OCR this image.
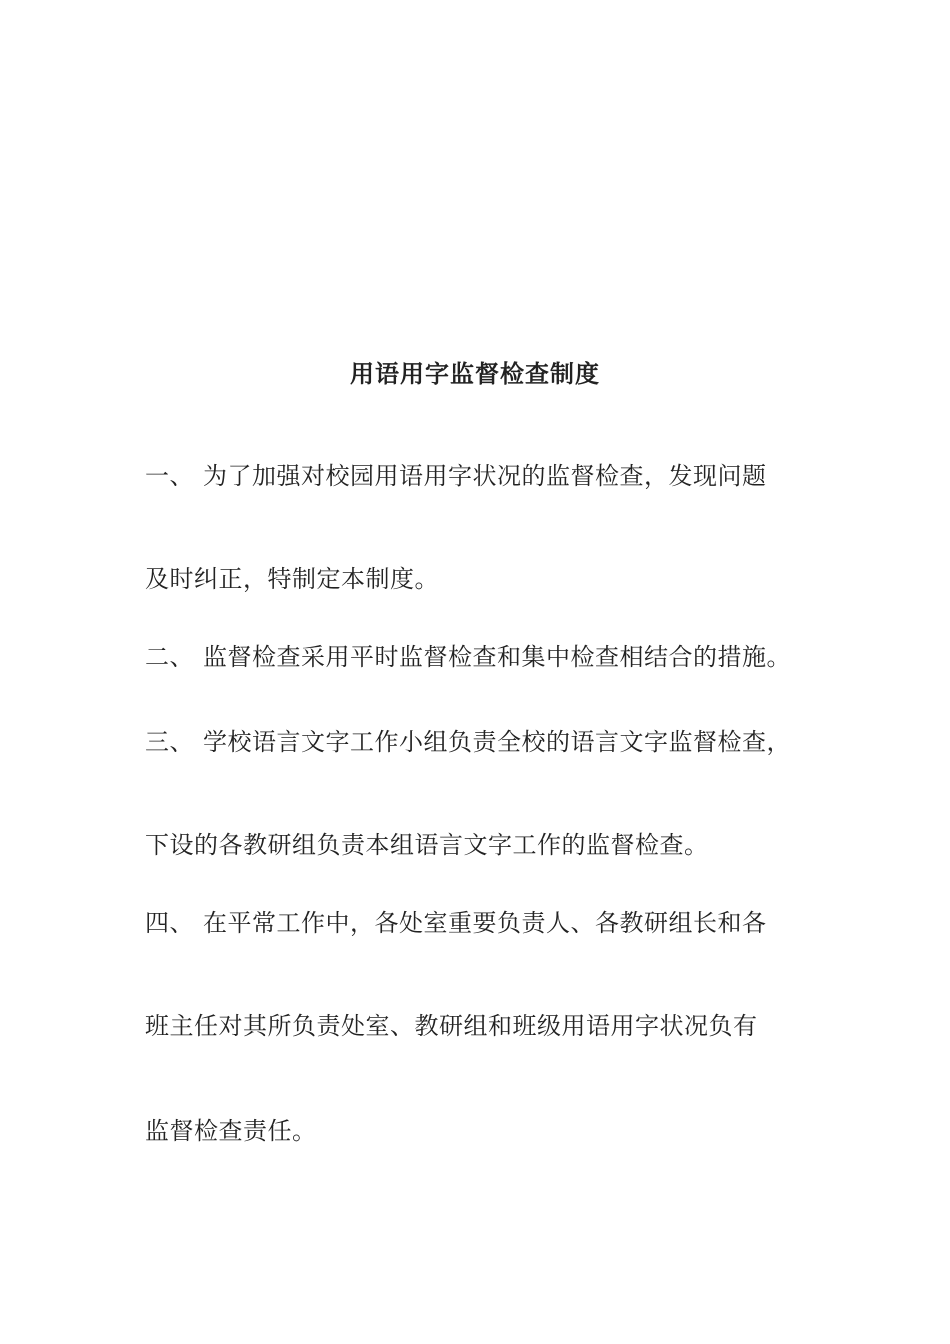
用语用字监督检查制度
一、 为了加强对校园用语用字状况的监督检查，发现问题
及时纠正，特制定本制度。
二、 监督检查采用平时监督检查和集中检查相结合的措施。
三、 学校语言文字工作小组负责全校的语言文字监督检查，
下设的各教研组负责本组语言文字工作的监督检查。
四、 在平常工作中，各处室重要负责人、各教研组长和各
班主任对其所负责处室、教研组和班级用语用字状况负有
监督检查责任。
